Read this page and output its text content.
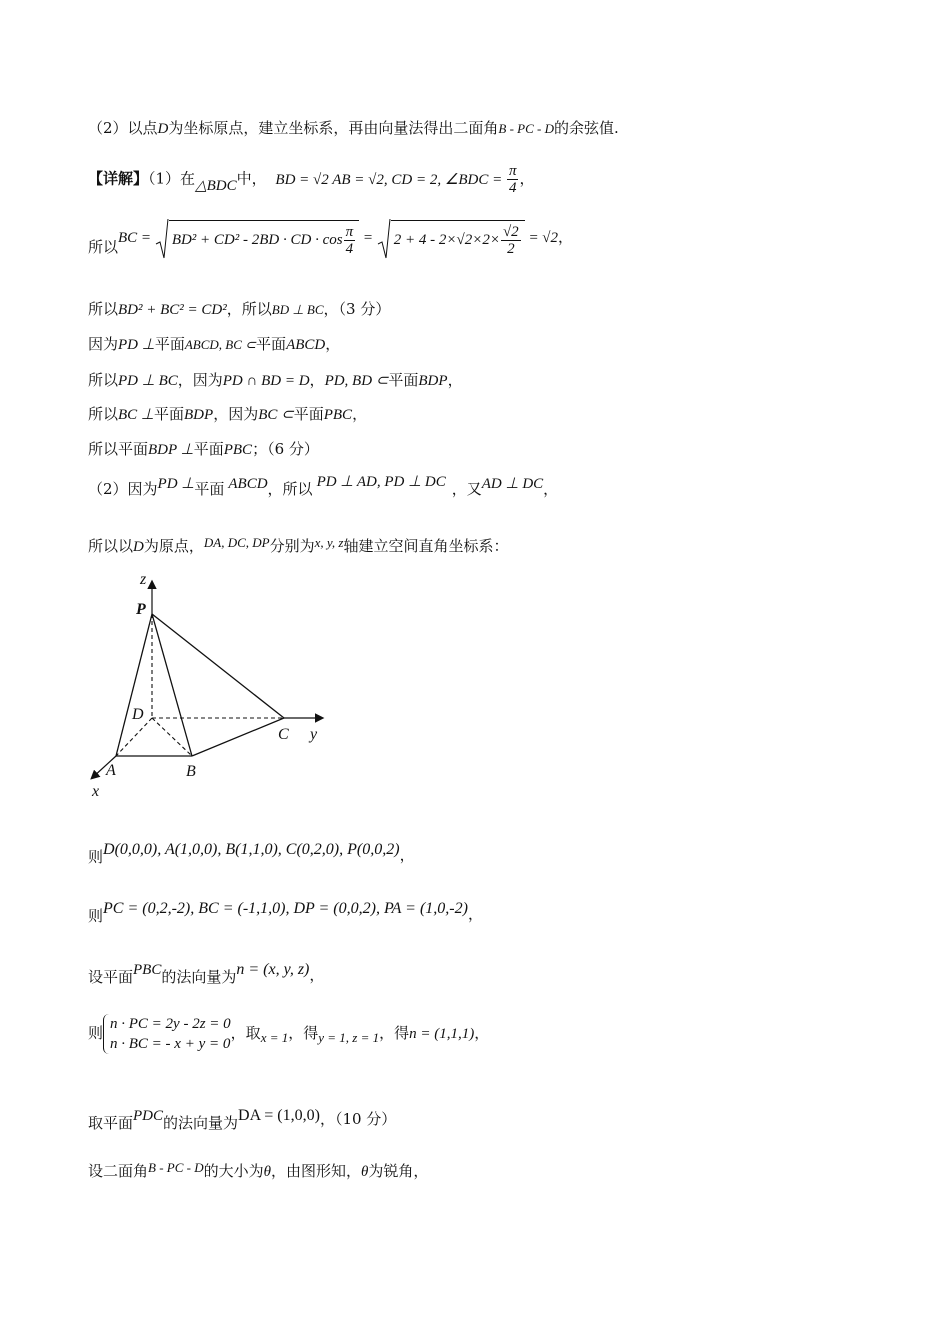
（2）以点D为坐标原点，建立坐标系，再由向量法得出二面角B - PC - D的余弦值.
【详解】（1）在△BDC中， BD = √2 AB = √2, CD = 2, ∠BDC = $\frac{\pi}{4}$ ，
所以BC =
BD² + CD² - 2BD · CD · $\cos \frac{\pi}{4}$ =
$2 + 4 - 2\times√2\times 2\times \frac{√2}{2} = √2$，
所以BD² + BC² = CD²，所以BD ⊥ BC，（3 分）
因为PD ⊥平面ABCD, BC ⊂平面ABCD，
所以PD ⊥ BC，因为PD ∩ BD = D，PD, BD ⊂平面BDP，
所以BC ⊥平面BDP，因为BC ⊂平面PBC，
所以平面BDP ⊥平面PBC；（6 分）
（2）因为PD ⊥平面 ABCD，所以 PD ⊥ AD, PD ⊥ DC ，又AD ⊥ DC，
所以以D为原点，DA, DC, DP分别为x, y, z轴建立空间直角坐标系：
z
P
D
C y
A	B
x
则D(0,0,0), A(1,0,0), B(1,1,0), C(0,2,0), P(0,0,2)，
则PC = (0,2,-2), BC = (-1,1,0), DP = (0,0,2), PA = (1,0,-2)，
设平面PBC的法向量为n = (x, y, z)，
则 n · PC = 2y - 2z = 0
n · BC = - x + y = 0
，取x = 1，得y = 1, z = 1，得n = (1,1,1)，
取平面PDC的法向量为DA = (1,0,0)，（10 分）
设二面角B - PC - D的大小为θ，由图形知，θ为锐角，
